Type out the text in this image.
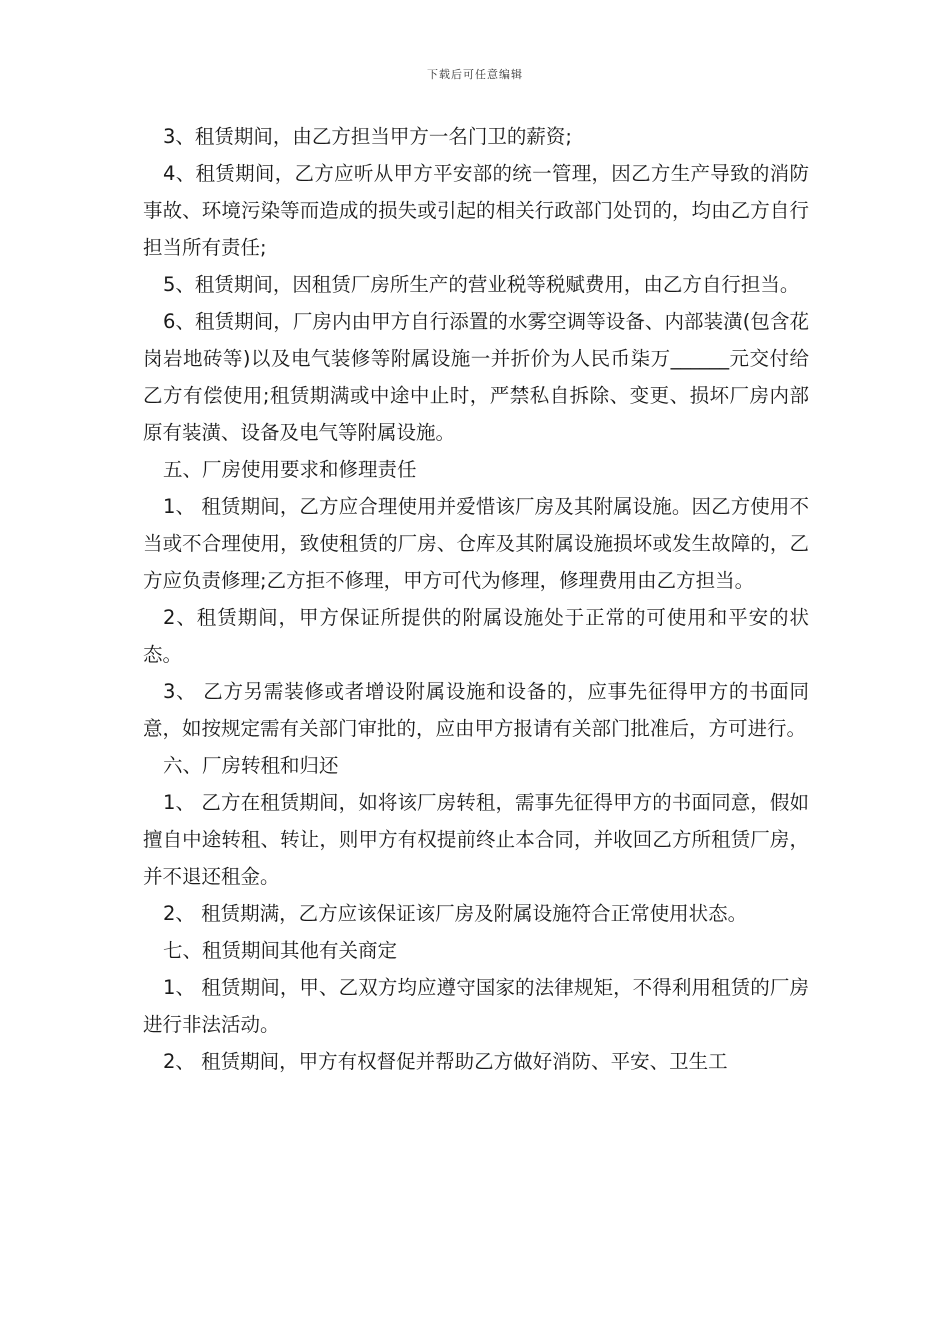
下载后可任意编辑

3、租赁期间，由乙方担当甲方一名门卫的薪资;

4、租赁期间，乙方应听从甲方平安部的统一管理，因乙方生产导致的消防事故、环境污染等而造成的损失或引起的相关行政部门处罚的，均由乙方自行担当所有责任;

5、租赁期间，因租赁厂房所生产的营业税等税赋费用，由乙方自行担当。

6、租赁期间，厂房内由甲方自行添置的水雾空调等设备、内部装潢(包含花岗岩地砖等)以及电气装修等附属设施一并折价为人民币柒万______元交付给乙方有偿使用;租赁期满或中途中止时，严禁私自拆除、变更、损坏厂房内部原有装潢、设备及电气等附属设施。

五、厂房使用要求和修理责任

1、 租赁期间，乙方应合理使用并爱惜该厂房及其附属设施。因乙方使用不当或不合理使用，致使租赁的厂房、仓库及其附属设施损坏或发生故障的，乙方应负责修理;乙方拒不修理，甲方可代为修理，修理费用由乙方担当。

2、租赁期间，甲方保证所提供的附属设施处于正常的可使用和平安的状态。

3、 乙方另需装修或者增设附属设施和设备的，应事先征得甲方的书面同意，如按规定需有关部门审批的，应由甲方报请有关部门批准后，方可进行。

六、厂房转租和归还

1、 乙方在租赁期间，如将该厂房转租，需事先征得甲方的书面同意，假如擅自中途转租、转让，则甲方有权提前终止本合同，并收回乙方所租赁厂房，并不退还租金。

2、 租赁期满，乙方应该保证该厂房及附属设施符合正常使用状态。

七、租赁期间其他有关商定

1、 租赁期间，甲、乙双方均应遵守国家的法律规矩，不得利用租赁的厂房进行非法活动。

2、 租赁期间，甲方有权督促并帮助乙方做好消防、平安、卫生工
